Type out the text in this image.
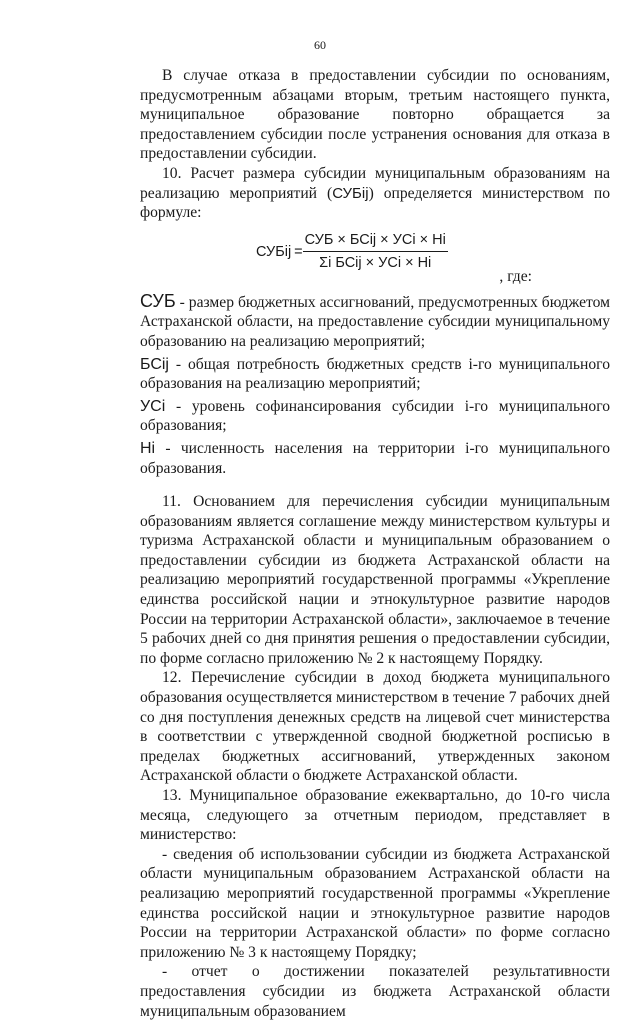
60

В случае отказа в предоставлении субсидии по основаниям, предусмотренным абзацами вторым, третьим настоящего пункта, муниципальное образование повторно обращается за предоставлением субсидии после устранения основания для отказа в предоставлении субсидии.

10. Расчет размера субсидии муниципальным образованиям на реализацию мероприятий (СУБij) определяется министерством по формуле:

СУБij = $\frac{\text{СУБ × БСij × УСi × Hi}}{\text{Σi БСij × УСi × Hi}}$
, где:

СУБ - размер бюджетных ассигнований, предусмотренных бюджетом Астраханской области, на предоставление субсидии муниципальному образованию на реализацию мероприятий;

БСij - общая потребность бюджетных средств i-го муниципального образования на реализацию мероприятий;

УСi - уровень софинансирования субсидии i-го муниципального образования;

Hi - численность населения на территории i-го муниципального образования.

11. Основанием для перечисления субсидии муниципальным образованиям является соглашение между министерством культуры и туризма Астраханской области и муниципальным образованием о предоставлении субсидии из бюджета Астраханской области на реализацию мероприятий государственной программы «Укрепление единства российской нации и этнокультурное развитие народов России на территории Астраханской области», заключаемое в течение 5 рабочих дней со дня принятия решения о предоставлении субсидии, по форме согласно приложению № 2 к настоящему Порядку.

12. Перечисление субсидии в доход бюджета муниципального образования осуществляется министерством в течение 7 рабочих дней со дня поступления денежных средств на лицевой счет министерства в соответствии с утвержденной сводной бюджетной росписью в пределах бюджетных ассигнований, утвержденных законом Астраханской области о бюджете Астраханской области.

13. Муниципальное образование ежеквартально, до 10-го числа месяца, следующего за отчетным периодом, представляет в министерство:

- сведения об использовании субсидии из бюджета Астраханской области муниципальным образованием Астраханской области на реализацию мероприятий государственной программы «Укрепление единства российской нации и этнокультурное развитие народов России на территории Астраханской области» по форме согласно приложению № 3 к настоящему Порядку;

- отчет о достижении показателей результативности предоставления субсидии из бюджета Астраханской области муниципальным образованием
